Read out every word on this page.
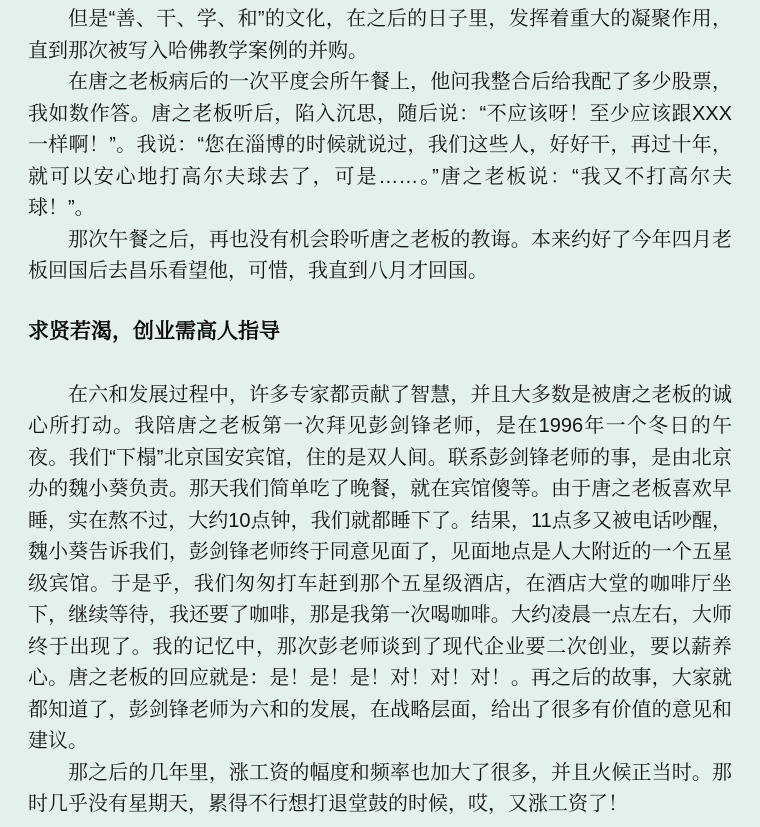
但是“善、干、学、和”的文化，在之后的日子里，发挥着重大的凝聚作用，直到那次被写入哈佛教学案例的并购。

在唐之老板病后的一次平度会所午餐上，他问我整合后给我配了多少股票，我如数作答。唐之老板听后，陷入沉思，随后说：“不应该呀！至少应该跟XXX一样啊！”。我说：“您在淄博的时候就说过，我们这些人，好好干，再过十年，就可以安心地打高尔夫球去了，可是……。”唐之老板说：“我又不打高尔夫球！”。

那次午餐之后，再也没有机会聆听唐之老板的教诲。本来约好了今年四月老板回国后去昌乐看望他，可惜，我直到八月才回国。

求贤若渴，创业需高人指导

在六和发展过程中，许多专家都贡献了智慧，并且大多数是被唐之老板的诚心所打动。我陪唐之老板第一次拜见彭剑锋老师，是在1996年一个冬日的午夜。我们“下榻”北京国安宾馆，住的是双人间。联系彭剑锋老师的事，是由北京办的魏小葵负责。那天我们简单吃了晚餐，就在宾馆傻等。由于唐之老板喜欢早睡，实在熬不过，大约10点钟，我们就都睡下了。结果，11点多又被电话吵醒，魏小葵告诉我们，彭剑锋老师终于同意见面了，见面地点是人大附近的一个五星级宾馆。于是乎，我们匆匆打车赶到那个五星级酒店，在酒店大堂的咖啡厅坐下，继续等待，我还要了咖啡，那是我第一次喝咖啡。大约凌晨一点左右，大师终于出现了。我的记忆中，那次彭老师谈到了现代企业要二次创业，要以薪养心。唐之老板的回应就是：是！是！是！对！对！对！。再之后的故事，大家就都知道了，彭剑锋老师为六和的发展，在战略层面，给出了很多有价值的意见和建议。

那之后的几年里，涨工资的幅度和频率也加大了很多，并且火候正当时。那时几乎没有星期天，累得不行想打退堂鼓的时候，哎，又涨工资了！
